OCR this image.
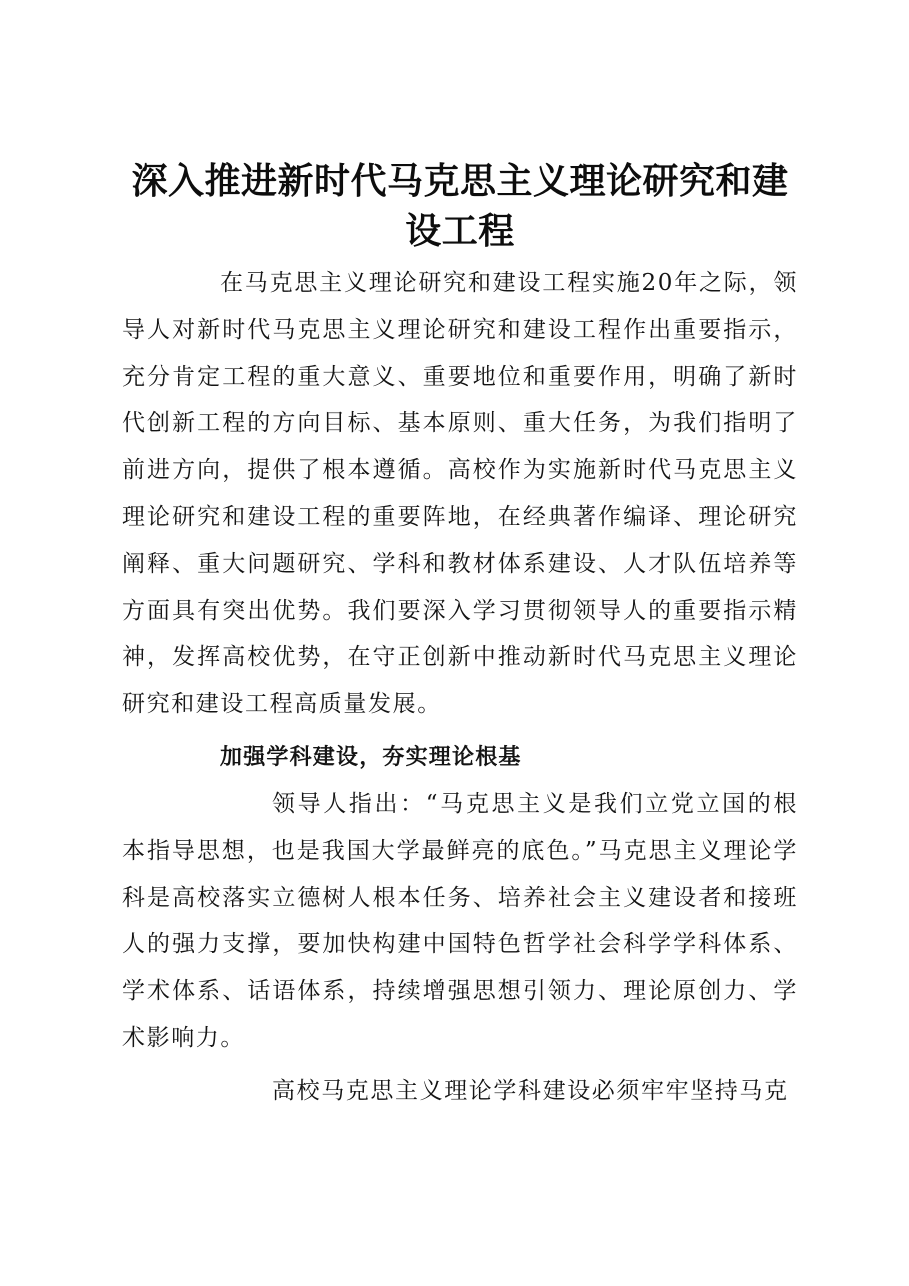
深入推进新时代马克思主义理论研究和建设工程

在马克思主义理论研究和建设工程实施20年之际，领导人对新时代马克思主义理论研究和建设工程作出重要指示，充分肯定工程的重大意义、重要地位和重要作用，明确了新时代创新工程的方向目标、基本原则、重大任务，为我们指明了前进方向，提供了根本遵循。高校作为实施新时代马克思主义理论研究和建设工程的重要阵地，在经典著作编译、理论研究阐释、重大问题研究、学科和教材体系建设、人才队伍培养等方面具有突出优势。我们要深入学习贯彻领导人的重要指示精神，发挥高校优势，在守正创新中推动新时代马克思主义理论研究和建设工程高质量发展。

加强学科建设，夯实理论根基

领导人指出：“马克思主义是我们立党立国的根本指导思想，也是我国大学最鲜亮的底色。”马克思主义理论学科是高校落实立德树人根本任务、培养社会主义建设者和接班人的强力支撑，要加快构建中国特色哲学社会科学学科体系、学术体系、话语体系，持续增强思想引领力、理论原创力、学术影响力。

高校马克思主义理论学科建设必须牢牢坚持马克
